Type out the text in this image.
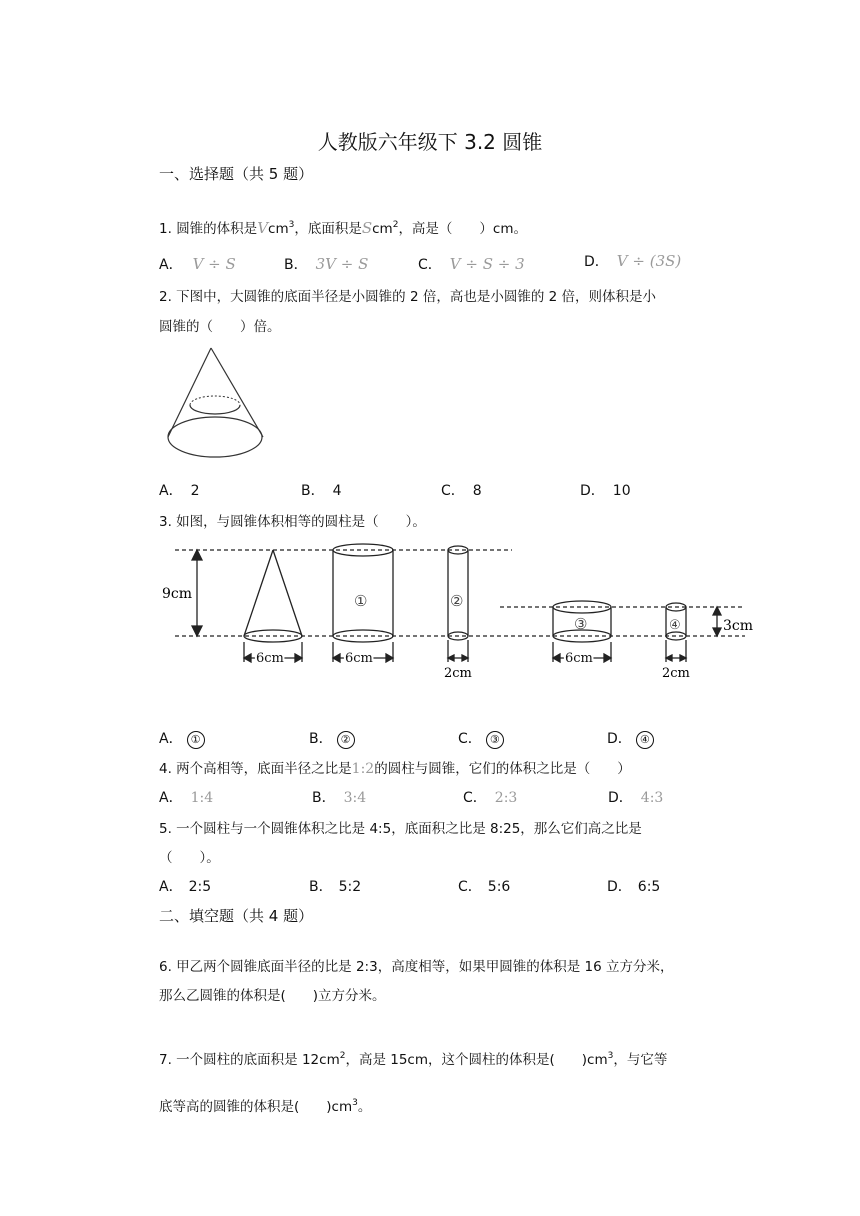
人教版六年级下 3.2 圆锥
一、选择题（共 5 题）
1. 圆锥的体积是Vcm$^3$，底面积是Scm$^2$，高是（　　）cm。
A． V ÷ S	B． 3V ÷ S	C． V ÷ S ÷ 3	D． V ÷ (3S)
2. 下图中，大圆锥的底面半径是小圆锥的 2 倍，高也是小圆锥的 2 倍，则体积是小
圆锥的（　　）倍。
A． 2	B． 4	C． 8	D． 10
3. 如图，与圆锥体积相等的圆柱是（　　）。
9cm
3cm
6cm	6cm	6cm
2cm	2cm
①	②
③	④
A． ①	B． ②	C． ③	D． ④
4. 两个高相等，底面半径之比是1:2的圆柱与圆锥，它们的体积之比是（　　）
A． 1:4	B． 3:4	C． 2:3	D． 4:3
5. 一个圆柱与一个圆锥体积之比是 4:5，底面积之比是 8:25，那么它们高之比是
（　　）。
A． 2:5	B． 5:2	C． 5:6	D． 6:5
二、填空题（共 4 题）
6. 甲乙两个圆锥底面半径的比是 2:3，高度相等，如果甲圆锥的体积是 16 立方分米，
那么乙圆锥的体积是(　　)立方分米。
7. 一个圆柱的底面积是 $12cm^2$，高是 15cm，这个圆柱的体积是(　　)$cm^3$，与它等
底等高的圆锥的体积是(　　)$cm^3$。
